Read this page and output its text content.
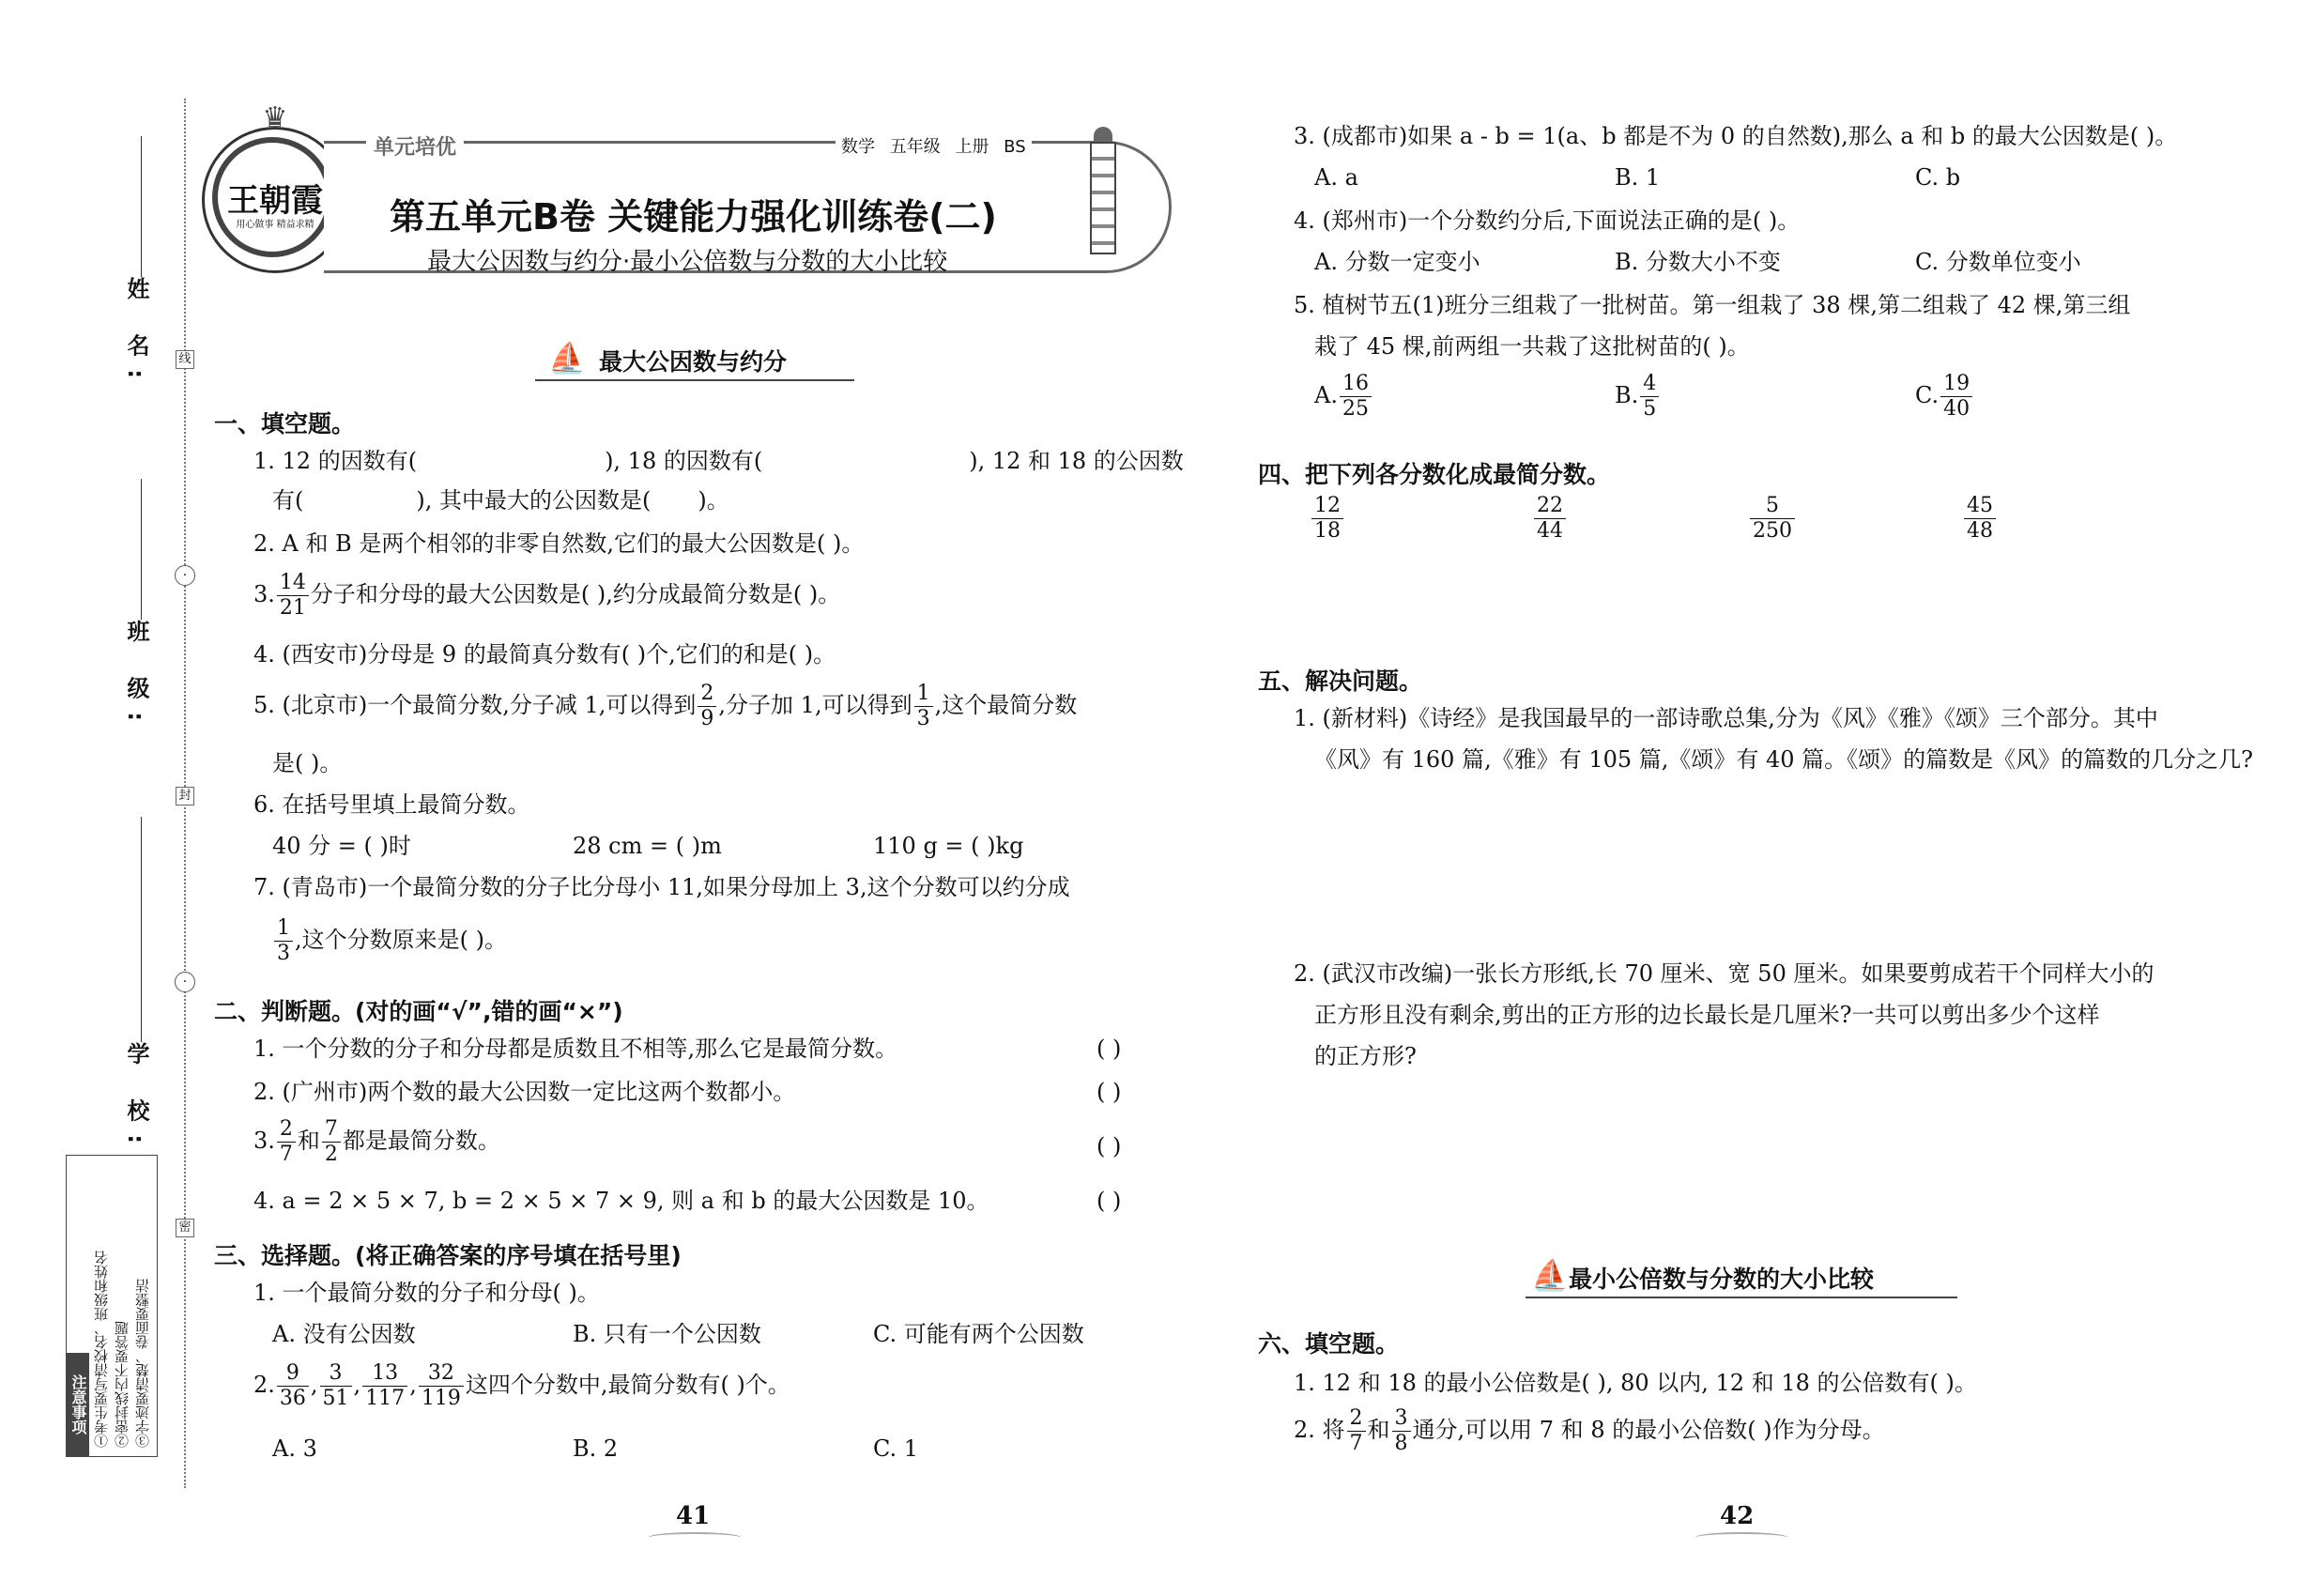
姓 名:
班 级:
学 校:
线
封
密
·
·
注意事项 ①考生要写清校名、班级和姓名 ②密封线内不要答题 ③字迹要清楚、卷面要整洁
♛
王朝霞
用心做事 精益求精
单元培优	数学 五年级 上册 BS
第五单元B卷 关键能力强化训练卷(二)
最大公因数与约分·最小公倍数与分数的大小比较
⛵ 最大公因数与约分
一、填空题。
1. 12 的因数有(	), 18 的因数有(	), 12 和 18 的公因数
有(	), 其中最大的公因数是( )。
2. A 和 B 是两个相邻的非零自然数,它们的最大公因数是( )。
3. $\frac{14}{21}$ 分子和分母的最大公因数是( ),约分成最简分数是( )。
4. (西安市)分母是 9 的最简真分数有( )个,它们的和是( )。
5. (北京市)一个最简分数,分子减 1,可以得到 $\frac{2}{9}$ ,分子加 1,可以得到 $\frac{1}{3}$ ,这个最简分数
是( )。
6. 在括号里填上最简分数。
40 分 = ( )时	28 cm = ( )m	110 g = ( )kg
7. (青岛市)一个最简分数的分子比分母小 11,如果分母加上 3,这个分数可以约分成
$\frac{1}{3}$ ,这个分数原来是( )。
二、判断题。(对的画“√”,错的画“×”)
1. 一个分数的分子和分母都是质数且不相等,那么它是最简分数。	( )
2. (广州市)两个数的最大公因数一定比这两个数都小。	( )
3. $\frac{2}{7}$ 和 $\frac{7}{2}$ 都是最简分数。	( )
4. a = 2 × 5 × 7, b = 2 × 5 × 7 × 9, 则 a 和 b 的最大公因数是 10。	( )
三、选择题。(将正确答案的序号填在括号里)
1. 一个最简分数的分子和分母( )。
A. 没有公因数	B. 只有一个公因数	C. 可能有两个公因数
2. $\frac{9}{36}$ , $\frac{3}{51}$ , $\frac{13}{117}$ , $\frac{32}{119}$ 这四个分数中,最简分数有( )个。
A. 3	B. 2	C. 1
41
3. (成都市)如果 a - b = 1(a、b 都是不为 0 的自然数),那么 a 和 b 的最大公因数是( )。
A. a	B. 1	C. b
4. (郑州市)一个分数约分后,下面说法正确的是( )。
A. 分数一定变小	B. 分数大小不变	C. 分数单位变小
5. 植树节五(1)班分三组栽了一批树苗。第一组栽了 38 棵,第二组栽了 42 棵,第三组
栽了 45 棵,前两组一共栽了这批树苗的( )。
A. $\frac{16}{25}$	B. $\frac{4}{5}$	C. $\frac{19}{40}$
四、把下列各分数化成最简分数。
$\frac{12}{18}$	$\frac{22}{44}$	$\frac{5}{250}$	$\frac{45}{48}$
五、解决问题。
1. (新材料)《诗经》是我国最早的一部诗歌总集,分为《风》《雅》《颂》三个部分。其中
《风》有 160 篇,《雅》有 105 篇,《颂》有 40 篇。《颂》的篇数是《风》的篇数的几分之几?
2. (武汉市改编)一张长方形纸,长 70 厘米、宽 50 厘米。如果要剪成若干个同样大小的
正方形且没有剩余,剪出的正方形的边长最长是几厘米?一共可以剪出多少个这样
的正方形?
⛵ 最小公倍数与分数的大小比较
六、填空题。
1. 12 和 18 的最小公倍数是( ), 80 以内, 12 和 18 的公倍数有( )。
2. 将 $\frac{2}{7}$ 和 $\frac{3}{8}$ 通分,可以用 7 和 8 的最小公倍数( )作为分母。
42
